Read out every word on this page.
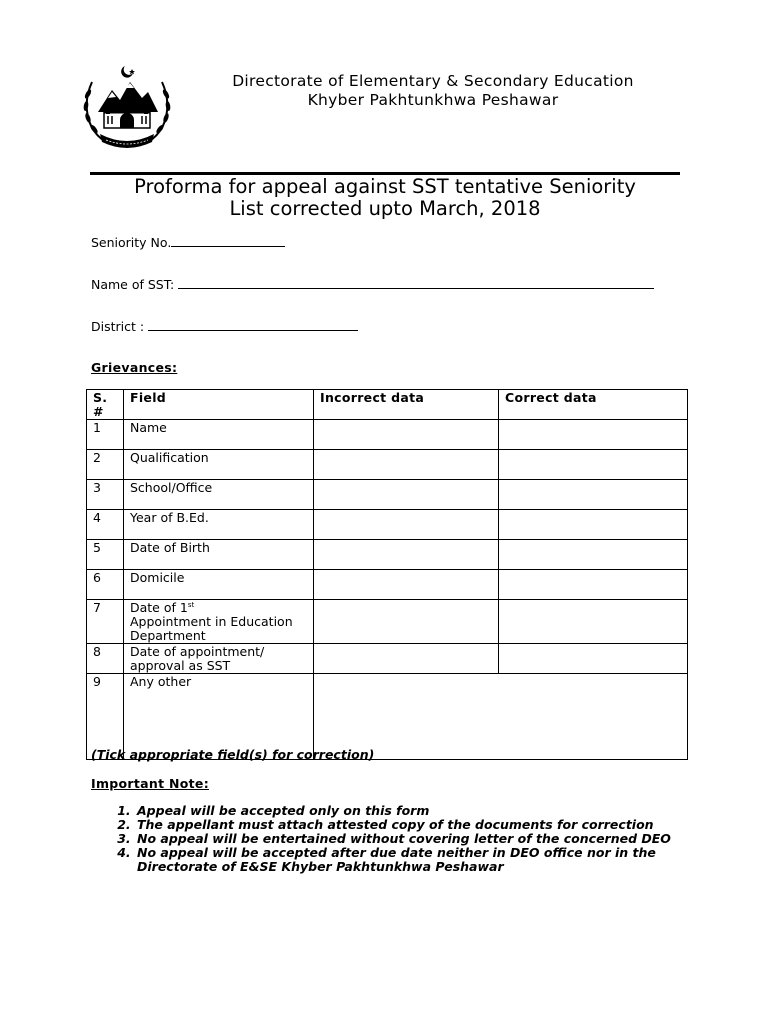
Directorate of Elementary & Secondary Education
Khyber Pakhtunkhwa Peshawar
Proforma for appeal against SST tentative Seniority
List corrected upto March, 2018
Seniority No.
Name of SST:
District :
Grievances:
S.
#	Field	Incorrect data	Correct data
1	Name		
2	Qualification		
3	School/Office		
4	Year of B.Ed.		
5	Date of Birth		
6	Domicile		
7	Date of 1st
Appointment in Education Department		
8	Date of appointment/ approval as SST		
9	Any other		
(Tick appropriate field(s) for correction)
Important Note:
1. Appeal will be accepted only on this form
2. The appellant must attach attested copy of the documents for correction
3. No appeal will be entertained without covering letter of the concerned DEO
4. No appeal will be accepted after due date neither in DEO office nor in the Directorate of E&SE Khyber Pakhtunkhwa Peshawar
